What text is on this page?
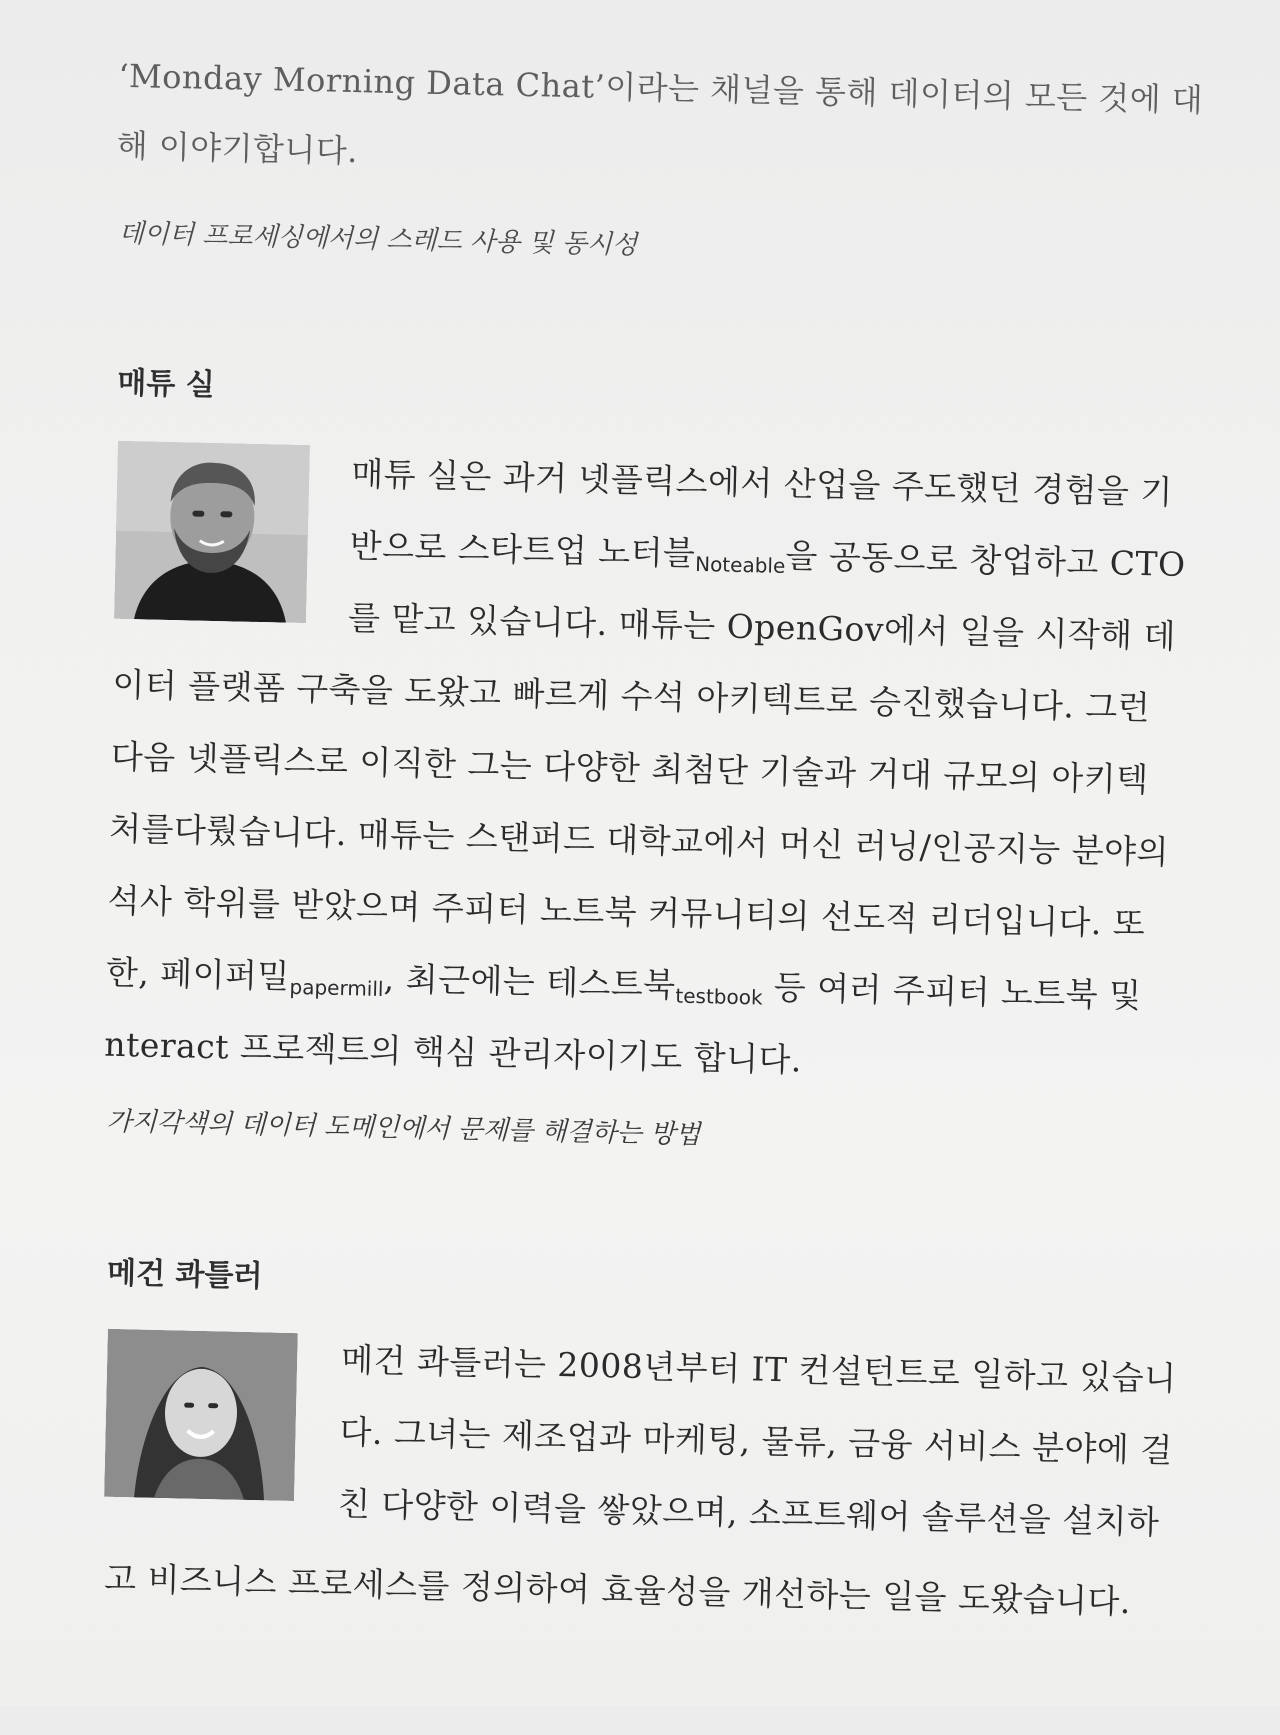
‘Monday Morning Data Chat’이라는 채널을 통해 데이터의 모든 것에 대
해 이야기합니다.
데이터 프로세싱에서의 스레드 사용 및 동시성
매튜 실
매튜 실은 과거 넷플릭스에서 산업을 주도했던 경험을 기
반으로 스타트업 노터블$_{Noteable}$을 공동으로 창업하고 CTO
를 맡고 있습니다. 매튜는 OpenGov에서 일을 시작해 데
이터 플랫폼 구축을 도왔고 빠르게 수석 아키텍트로 승진했습니다. 그런
다음 넷플릭스로 이직한 그는 다양한 최첨단 기술과 거대 규모의 아키텍
처를다뤘습니다. 매튜는 스탠퍼드 대학교에서 머신 러닝/인공지능 분야의
석사 학위를 받았으며 주피터 노트북 커뮤니티의 선도적 리더입니다. 또
한, 페이퍼밀$_{papermill}$, 최근에는 테스트북$_{testbook}$ 등 여러 주피터 노트북 및
nteract 프로젝트의 핵심 관리자이기도 합니다.
가지각색의 데이터 도메인에서 문제를 해결하는 방법
메건 콰틀러
메건 콰틀러는 2008년부터 IT 컨설턴트로 일하고 있습니
다. 그녀는 제조업과 마케팅, 물류, 금융 서비스 분야에 걸
친 다양한 이력을 쌓았으며, 소프트웨어 솔루션을 설치하
고 비즈니스 프로세스를 정의하여 효율성을 개선하는 일을 도왔습니다.
